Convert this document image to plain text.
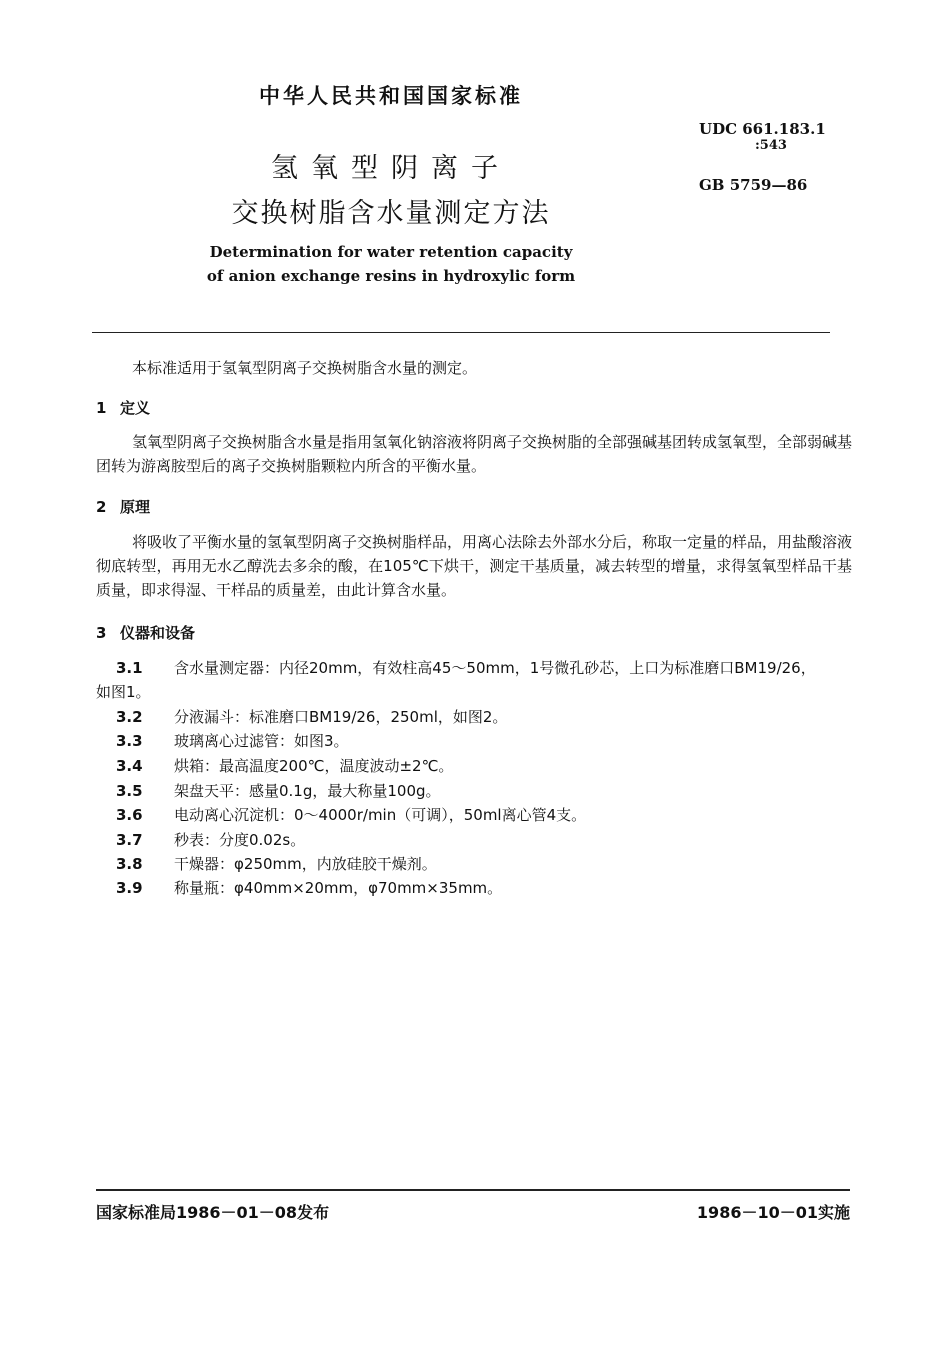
中华人民共和国国家标准
UDC 661.183.1
:543
GB 5759—86
氢氧型阴离子
交换树脂含水量测定方法
Determination for water retention capacity
of anion exchange resins in hydroxylic form
本标准适用于氢氧型阴离子交换树脂含水量的测定。
1 定义
氢氧型阴离子交换树脂含水量是指用氢氧化钠溶液将阴离子交换树脂的全部强碱基团转成氢氧型，全部弱碱基团转为游离胺型后的离子交换树脂颗粒内所含的平衡水量。
2 原理
将吸收了平衡水量的氢氧型阴离子交换树脂样品，用离心法除去外部水分后，称取一定量的样品，用盐酸溶液彻底转型，再用无水乙醇洗去多余的酸，在105℃下烘干，测定干基质量，减去转型的增量，求得氢氧型样品干基质量，即求得湿、干样品的质量差，由此计算含水量。
3 仪器和设备
3.1 含水量测定器：内径20mm，有效柱高45～50mm，1号微孔砂芯，上口为标准磨口BM19/26，
如图1。
3.2 分液漏斗：标准磨口BM19/26，250ml，如图2。
3.3 玻璃离心过滤管：如图3。
3.4 烘箱：最高温度200℃，温度波动±2℃。
3.5 架盘天平：感量0.1g，最大称量100g。
3.6 电动离心沉淀机：0～4000r/min（可调），50ml离心管4支。
3.7 秒表：分度0.02s。
3.8 干燥器：φ250mm，内放硅胶干燥剂。
3.9 称量瓶：φ40mm×20mm，φ70mm×35mm。
国家标准局1986－01－08发布	1986－10－01实施
